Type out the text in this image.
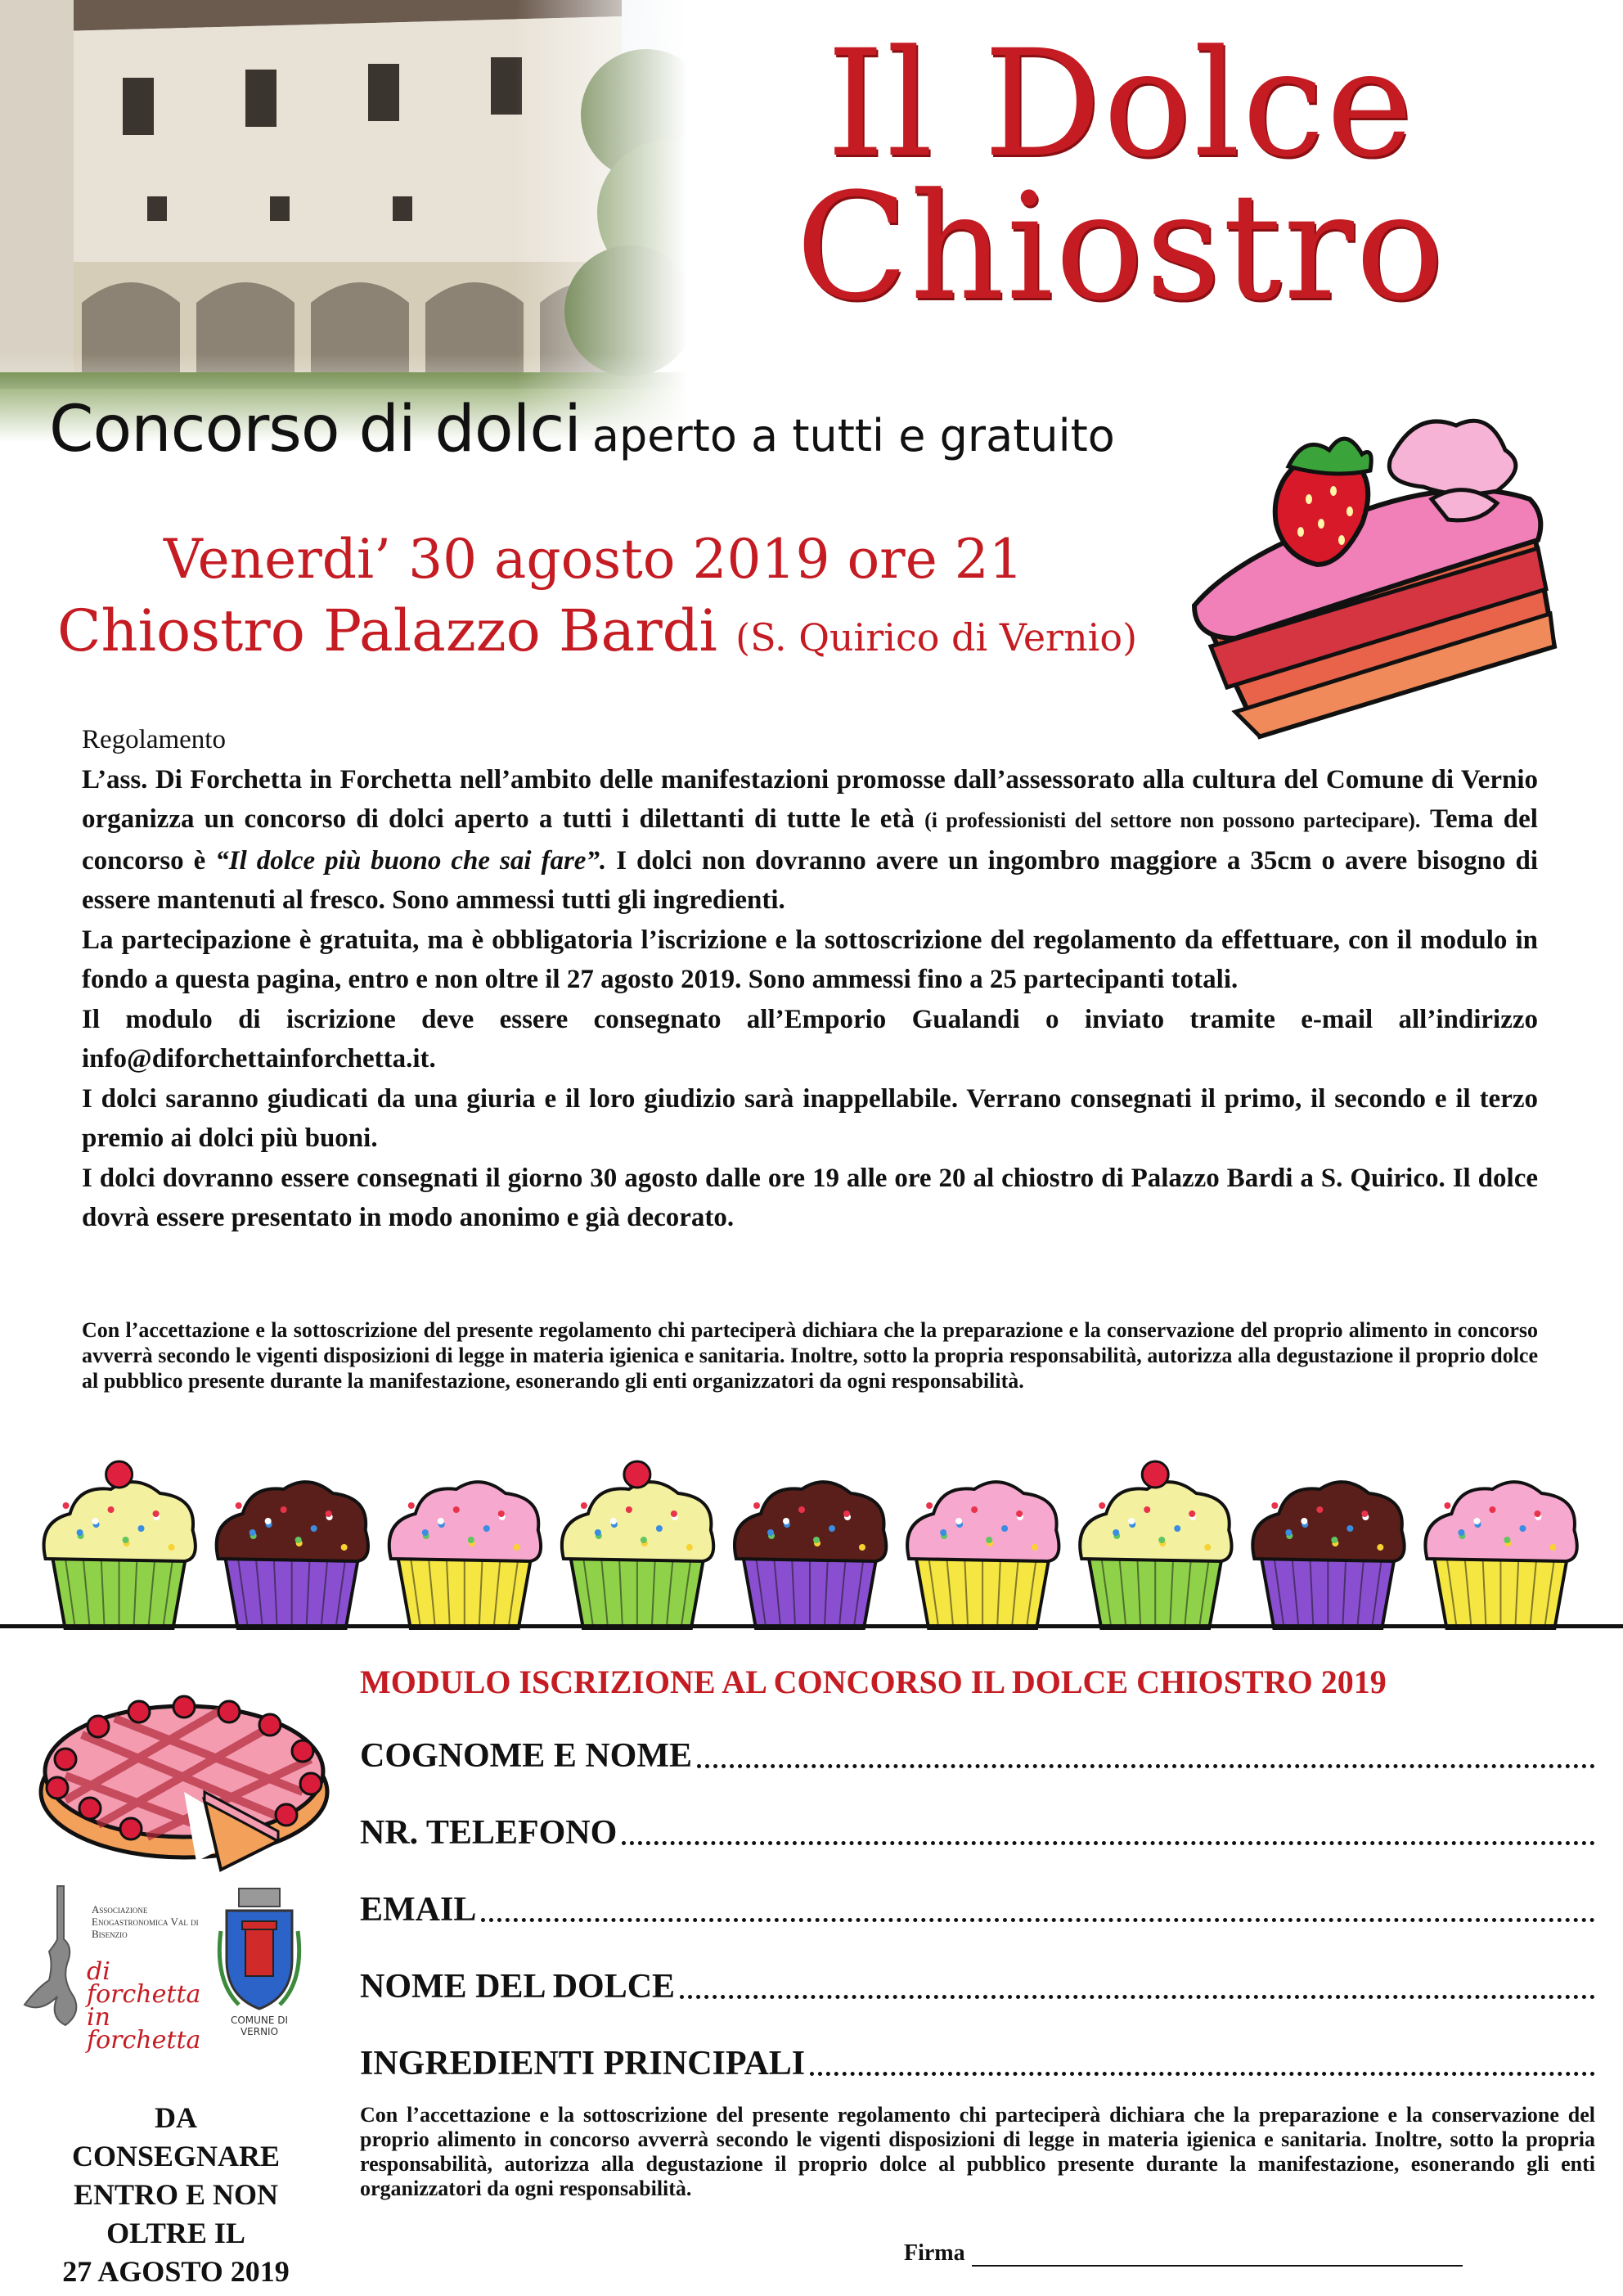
Il Dolce
Chiostro
Concorso di dolci aperto a tutti e gratuito
Venerdi’ 30 agosto 2019 ore 21
Chiostro Palazzo Bardi (S. Quirico di Vernio)

Regolamento

L’ass. Di Forchetta in Forchetta nell’ambito delle manifestazioni promosse dall’assessorato alla cultura del Comune di Vernio organizza un concorso di dolci aperto a tutti i dilettanti di tutte le età (i professionisti del settore non possono partecipare). Tema del concorso è “Il dolce più buono che sai fare”. I dolci non dovranno avere un ingombro maggiore a 35cm o avere bisogno di essere mantenuti al fresco. Sono ammessi tutti gli ingredienti.

La partecipazione è gratuita, ma è obbligatoria l’iscrizione e la sottoscrizione del regolamento da effettuare, con il modulo in fondo a questa pagina, entro e non oltre il 27 agosto 2019. Sono ammessi fino a 25 partecipanti totali.

Il modulo di iscrizione deve essere consegnato all’Emporio Gualandi o inviato tramite e-mail all’indirizzo info@diforchettainforchetta.it.

I dolci saranno giudicati da una giuria e il loro giudizio sarà inappellabile. Verrano consegnati il primo, il secondo e il terzo premio ai dolci più buoni.

I dolci dovranno essere consegnati il giorno 30 agosto dalle ore 19 alle ore 20 al chiostro di Palazzo Bardi a S. Quirico. Il dolce dovrà essere presentato in modo anonimo e già decorato.

Con l’accettazione e la sottoscrizione del presente regolamento chi parteciperà dichiara che la preparazione e la conservazione del proprio alimento in concorso avverrà secondo le vigenti disposizioni di legge in materia igienica e sanitaria. Inoltre, sotto la propria responsabilità, autorizza alla degustazione il proprio dolce al pubblico presente durante la manifestazione, esonerando gli enti organizzatori da ogni responsabilità.
Associazione Enogastronomica Val di Bisenzio
di forchetta in forchetta
COMUNE DI VERNIO
MODULO ISCRIZIONE AL CONCORSO IL DOLCE CHIOSTRO 2019
COGNOME E NOME
NR. TELEFONO
EMAIL
NOME DEL DOLCE
INGREDIENTI PRINCIPALI
Con l’accettazione e la sottoscrizione del presente regolamento chi parteciperà dichiara che la preparazione e la conservazione del proprio alimento in concorso avverrà secondo le vigenti disposizioni di legge in materia igienica e sanitaria. Inoltre, sotto la propria responsabilità, autorizza alla degustazione il proprio dolce al pubblico presente durante la manifestazione, esonerando gli enti organizzatori da ogni responsabilità.
Firma
DA CONSEGNARE
ENTRO E NON
OLTRE IL
27 AGOSTO 2019
